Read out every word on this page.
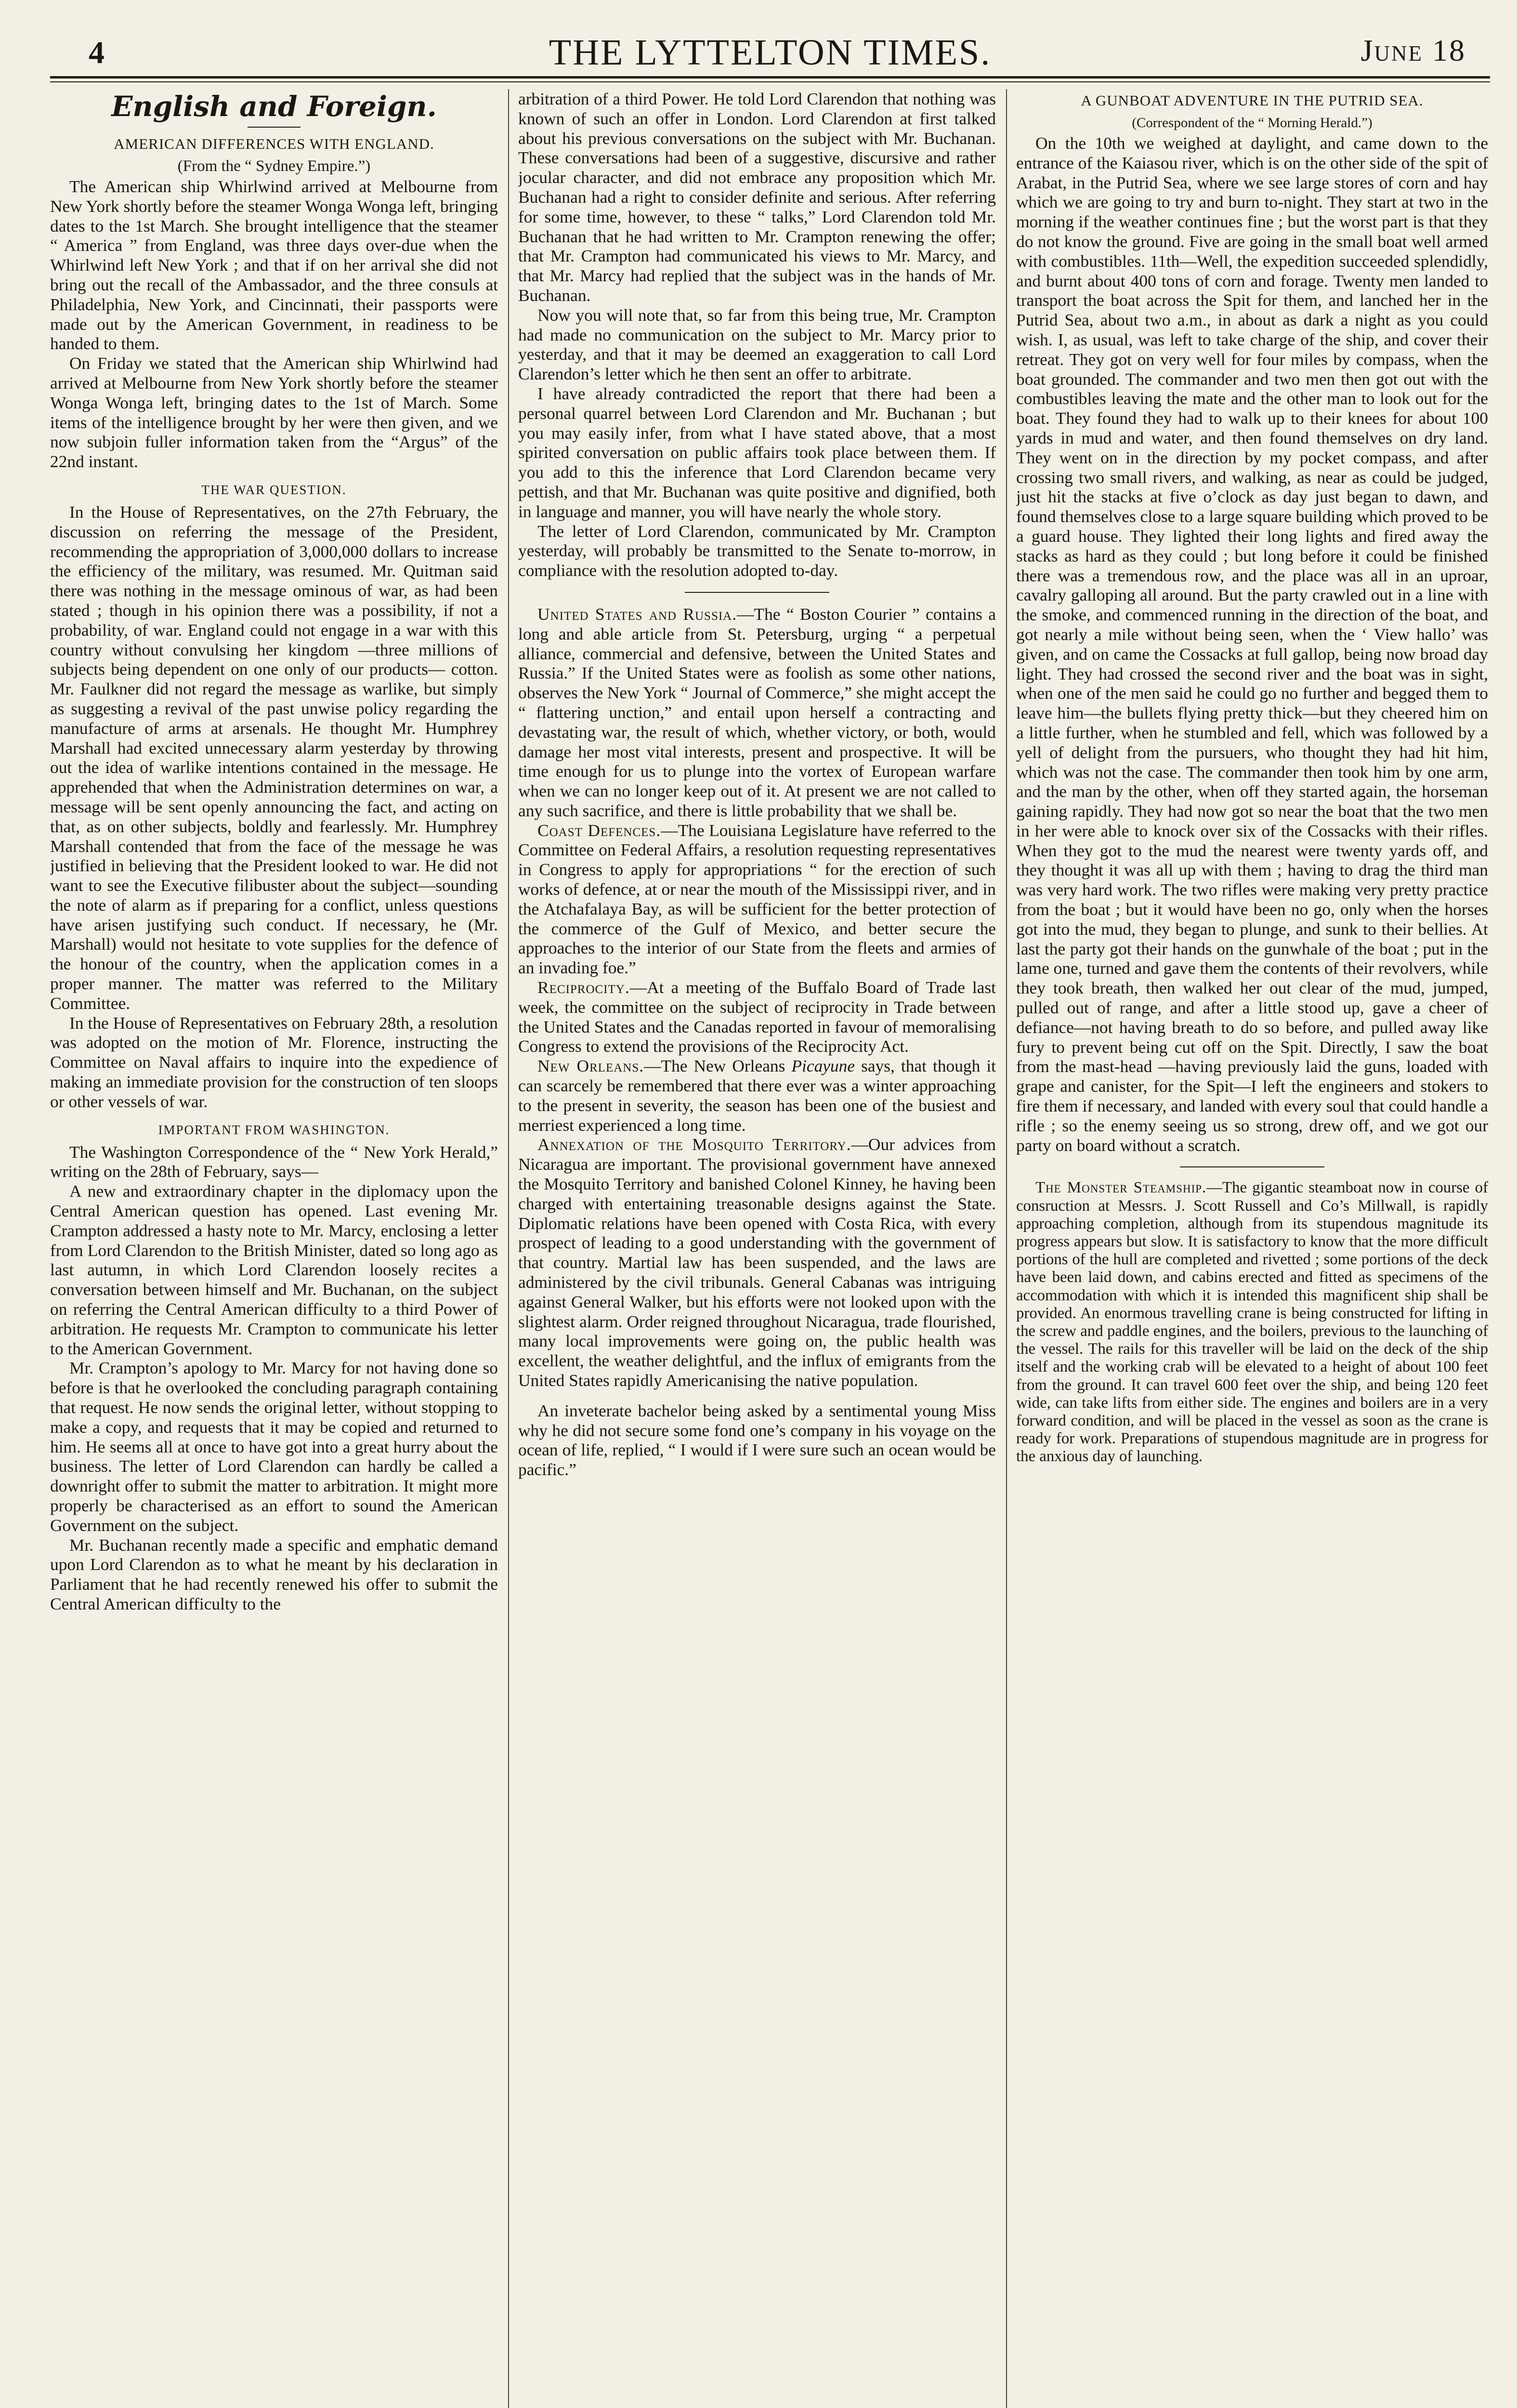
4	THE LYTTELTON TIMES.	June 18
English and Foreign.
AMERICAN DIFFERENCES WITH ENGLAND.
(From the “ Sydney Empire.”)

The American ship Whirlwind arrived at Melbourne from New York shortly before the steamer Wonga Wonga left, bringing dates to the 1st March. She brought intelligence that the steamer “ America ” from England, was three days over-due when the Whirlwind left New York ; and that if on her arrival she did not bring out the recall of the Ambassador, and the three consuls at Philadelphia, New York, and Cincinnati, their passports were made out by the American Government, in readiness to be handed to them.

On Friday we stated that the American ship Whirlwind had arrived at Melbourne from New York shortly before the steamer Wonga Wonga left, bringing dates to the 1st of March. Some items of the intelligence brought by her were then given, and we now subjoin fuller information taken from the “Argus” of the 22nd instant.

THE WAR QUESTION.

In the House of Representatives, on the 27th February, the discussion on referring the message of the President, recommending the appropriation of 3,000,000 dollars to increase the efficiency of the military, was resumed. Mr. Quitman said there was nothing in the message ominous of war, as had been stated ; though in his opinion there was a possibility, if not a probability, of war. England could not engage in a war with this country without convulsing her kingdom —three millions of subjects being dependent on one only of our products— cotton. Mr. Faulkner did not regard the message as warlike, but simply as suggesting a revival of the past unwise policy regarding the manufacture of arms at arsenals. He thought Mr. Humphrey Marshall had excited unnecessary alarm yesterday by throwing out the idea of warlike intentions contained in the message. He apprehended that when the Administration determines on war, a message will be sent openly announcing the fact, and acting on that, as on other subjects, boldly and fearlessly. Mr. Humphrey Marshall contended that from the face of the message he was justified in believing that the President looked to war. He did not want to see the Executive filibuster about the subject—sounding the note of alarm as if preparing for a conflict, unless questions have arisen justifying such conduct. If necessary, he (Mr. Marshall) would not hesitate to vote supplies for the defence of the honour of the country, when the application comes in a proper manner. The matter was referred to the Military Committee.

In the House of Representatives on February 28th, a resolution was adopted on the motion of Mr. Florence, instructing the Committee on Naval affairs to inquire into the expedience of making an immediate provision for the construction of ten sloops or other vessels of war.

IMPORTANT FROM WASHINGTON.

The Washington Correspondence of the “ New York Herald,” writing on the 28th of February, says—

A new and extraordinary chapter in the diplomacy upon the Central American question has opened. Last evening Mr. Crampton addressed a hasty note to Mr. Marcy, enclosing a letter from Lord Clarendon to the British Minister, dated so long ago as last autumn, in which Lord Clarendon loosely recites a conversation between himself and Mr. Buchanan, on the subject on referring the Central American difficulty to a third Power of arbitration. He requests Mr. Crampton to communicate his letter to the American Government.

Mr. Crampton’s apology to Mr. Marcy for not having done so before is that he overlooked the concluding paragraph containing that request. He now sends the original letter, without stopping to make a copy, and requests that it may be copied and returned to him. He seems all at once to have got into a great hurry about the business. The letter of Lord Clarendon can hardly be called a downright offer to submit the matter to arbitration. It might more properly be characterised as an effort to sound the American Government on the subject.

Mr. Buchanan recently made a specific and emphatic demand upon Lord Clarendon as to what he meant by his declaration in Parliament that he had recently renewed his offer to submit the Central American difficulty to the

arbitration of a third Power. He told Lord Clarendon that nothing was known of such an offer in London. Lord Clarendon at first talked about his previous conversations on the subject with Mr. Buchanan. These conversations had been of a suggestive, discursive and rather jocular character, and did not embrace any proposition which Mr. Buchanan had a right to consider definite and serious. After referring for some time, however, to these “ talks,” Lord Clarendon told Mr. Buchanan that he had written to Mr. Crampton renewing the offer; that Mr. Crampton had communicated his views to Mr. Marcy, and that Mr. Marcy had replied that the subject was in the hands of Mr. Buchanan.

Now you will note that, so far from this being true, Mr. Crampton had made no communication on the subject to Mr. Marcy prior to yesterday, and that it may be deemed an exaggeration to call Lord Clarendon’s letter which he then sent an offer to arbitrate.

I have already contradicted the report that there had been a personal quarrel between Lord Clarendon and Mr. Buchanan ; but you may easily infer, from what I have stated above, that a most spirited conversation on public affairs took place between them. If you add to this the inference that Lord Clarendon became very pettish, and that Mr. Buchanan was quite positive and dignified, both in language and manner, you will have nearly the whole story.

The letter of Lord Clarendon, communicated by Mr. Crampton yesterday, will probably be transmitted to the Senate to-morrow, in compliance with the resolution adopted to-day.

United States and Russia.—The “ Boston Courier ” contains a long and able article from St. Petersburg, urging “ a perpetual alliance, commercial and defensive, between the United States and Russia.” If the United States were as foolish as some other nations, observes the New York “ Journal of Commerce,” she might accept the “ flattering unction,” and entail upon herself a contracting and devastating war, the result of which, whether victory, or both, would damage her most vital interests, present and prospective. It will be time enough for us to plunge into the vortex of European warfare when we can no longer keep out of it. At present we are not called to any such sacrifice, and there is little probability that we shall be.

Coast Defences.—The Louisiana Legislature have referred to the Committee on Federal Affairs, a resolution requesting representatives in Congress to apply for appropriations “ for the erection of such works of defence, at or near the mouth of the Mississippi river, and in the Atchafalaya Bay, as will be sufficient for the better protection of the commerce of the Gulf of Mexico, and better secure the approaches to the interior of our State from the fleets and armies of an invading foe.”

Reciprocity.—At a meeting of the Buffalo Board of Trade last week, the committee on the subject of reciprocity in Trade between the United States and the Canadas reported in favour of memoralising Congress to extend the provisions of the Reciprocity Act.

New Orleans.—The New Orleans Picayune says, that though it can scarcely be remembered that there ever was a winter approaching to the present in severity, the season has been one of the busiest and merriest experienced a long time.

Annexation of the Mosquito Territory.—Our advices from Nicaragua are important. The provisional government have annexed the Mosquito Territory and banished Colonel Kinney, he having been charged with entertaining treasonable designs against the State. Diplomatic relations have been opened with Costa Rica, with every prospect of leading to a good understanding with the government of that country. Martial law has been suspended, and the laws are administered by the civil tribunals. General Cabanas was intriguing against General Walker, but his efforts were not looked upon with the slightest alarm. Order reigned throughout Nicaragua, trade flourished, many local improvements were going on, the public health was excellent, the weather delightful, and the influx of emigrants from the United States rapidly Americanising the native population.

An inveterate bachelor being asked by a sentimental young Miss why he did not secure some fond one’s company in his voyage on the ocean of life, replied, “ I would if I were sure such an ocean would be pacific.”

A GUNBOAT ADVENTURE IN THE PUTRID SEA.
(Correspondent of the “ Morning Herald.”)

On the 10th we weighed at daylight, and came down to the entrance of the Kaiasou river, which is on the other side of the spit of Arabat, in the Putrid Sea, where we see large stores of corn and hay which we are going to try and burn to-night. They start at two in the morning if the weather continues fine ; but the worst part is that they do not know the ground. Five are going in the small boat well armed with combustibles. 11th—Well, the expedition succeeded splendidly, and burnt about 400 tons of corn and forage. Twenty men landed to transport the boat across the Spit for them, and lanched her in the Putrid Sea, about two a.m., in about as dark a night as you could wish. I, as usual, was left to take charge of the ship, and cover their retreat. They got on very well for four miles by compass, when the boat grounded. The commander and two men then got out with the combustibles leaving the mate and the other man to look out for the boat. They found they had to walk up to their knees for about 100 yards in mud and water, and then found themselves on dry land. They went on in the direction by my pocket compass, and after crossing two small rivers, and walking, as near as could be judged, just hit the stacks at five o’clock as day just began to dawn, and found themselves close to a large square building which proved to be a guard house. They lighted their long lights and fired away the stacks as hard as they could ; but long before it could be finished there was a tremendous row, and the place was all in an uproar, cavalry galloping all around. But the party crawled out in a line with the smoke, and commenced running in the direction of the boat, and got nearly a mile without being seen, when the ‘ View hallo’ was given, and on came the Cossacks at full gallop, being now broad day light. They had crossed the second river and the boat was in sight, when one of the men said he could go no further and begged them to leave him—the bullets flying pretty thick—but they cheered him on a little further, when he stumbled and fell, which was followed by a yell of delight from the pursuers, who thought they had hit him, which was not the case. The commander then took him by one arm, and the man by the other, when off they started again, the horseman gaining rapidly. They had now got so near the boat that the two men in her were able to knock over six of the Cossacks with their rifles. When they got to the mud the nearest were twenty yards off, and they thought it was all up with them ; having to drag the third man was very hard work. The two rifles were making very pretty practice from the boat ; but it would have been no go, only when the horses got into the mud, they began to plunge, and sunk to their bellies. At last the party got their hands on the gunwhale of the boat ; put in the lame one, turned and gave them the contents of their revolvers, while they took breath, then walked her out clear of the mud, jumped, pulled out of range, and after a little stood up, gave a cheer of defiance—not having breath to do so before, and pulled away like fury to prevent being cut off on the Spit. Directly, I saw the boat from the mast-head —having previously laid the guns, loaded with grape and canister, for the Spit—I left the engineers and stokers to fire them if necessary, and landed with every soul that could handle a rifle ; so the enemy seeing us so strong, drew off, and we got our party on board without a scratch.

The Monster Steamship.—The gigantic steamboat now in course of consruction at Messrs. J. Scott Russell and Co’s Millwall, is rapidly approaching completion, although from its stupendous magnitude its progress appears but slow. It is satisfactory to know that the more difficult portions of the hull are completed and rivetted ; some portions of the deck have been laid down, and cabins erected and fitted as specimens of the accommodation with which it is intended this magnificent ship shall be provided. An enormous travelling crane is being constructed for lifting in the screw and paddle engines, and the boilers, previous to the launching of the vessel. The rails for this traveller will be laid on the deck of the ship itself and the working crab will be elevated to a height of about 100 feet from the ground. It can travel 600 feet over the ship, and being 120 feet wide, can take lifts from either side. The engines and boilers are in a very forward condition, and will be placed in the vessel as soon as the crane is ready for work. Preparations of stupendous magnitude are in progress for the anxious day of launching.
